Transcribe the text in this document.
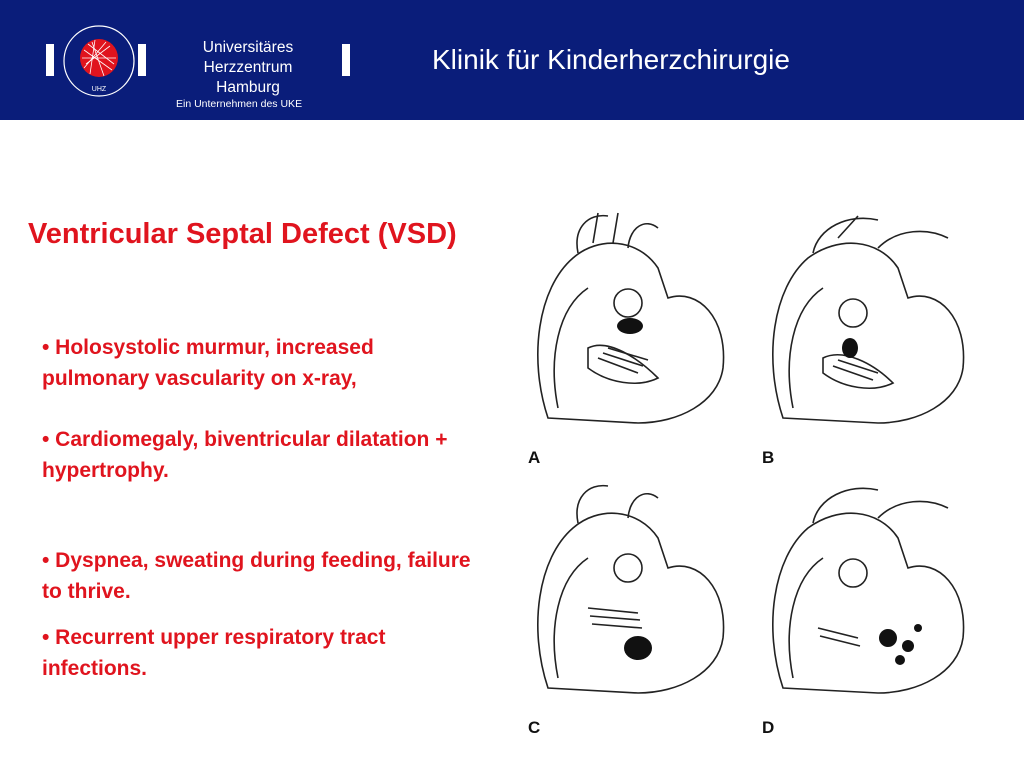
UHZ
Universitäres Herzzentrum
Hamburg
Ein Unternehmen des UKE
Klinik für Kinderherzchirurgie
Ventricular Septal Defect (VSD)
• Holosystolic murmur, increased pulmonary vascularity on x-ray,
• Cardiomegaly, biventricular dilatation + hypertrophy.
• Dyspnea, sweating during feeding, failure to thrive.
• Recurrent upper respiratory tract infections.
A	B
C	D
